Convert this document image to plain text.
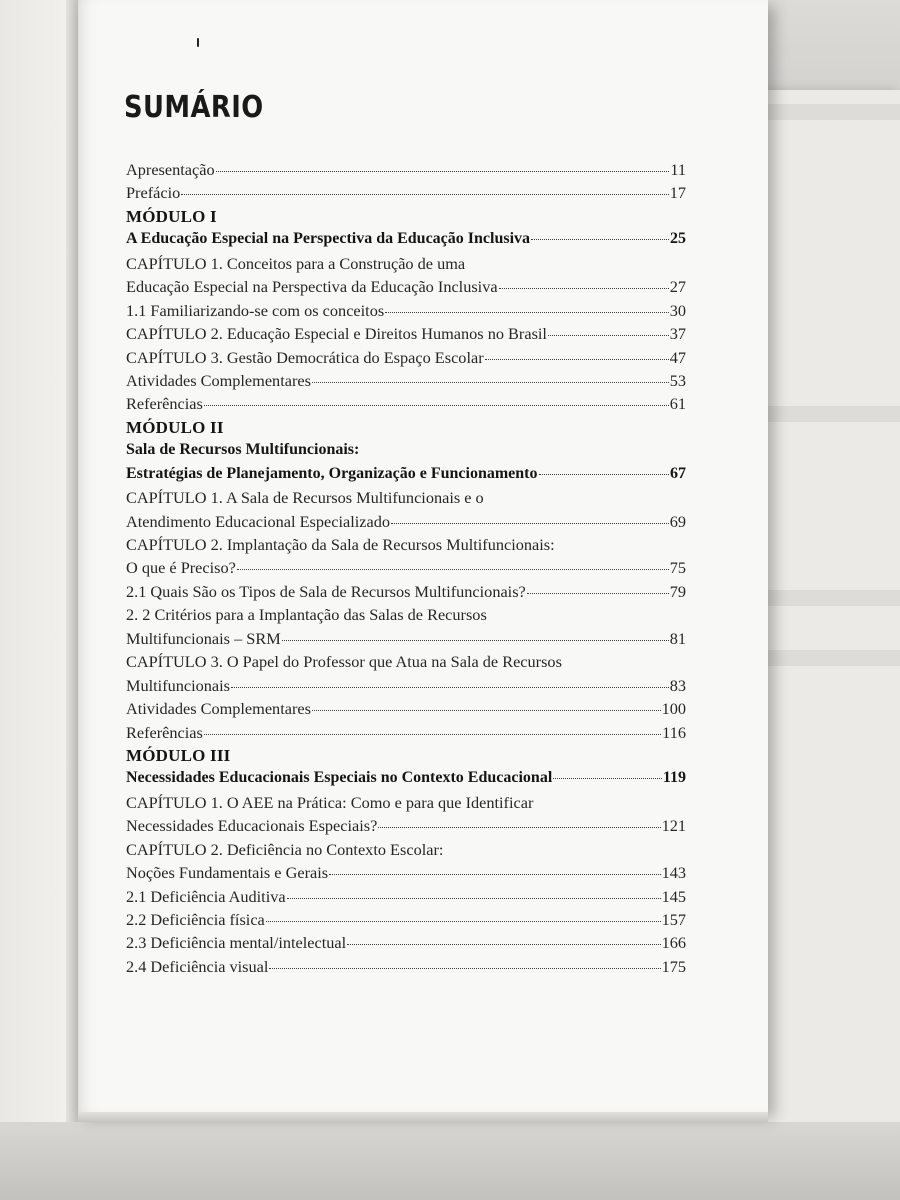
SUMÁRIO
Apresentação	11
Prefácio	17
MÓDULO I
A Educação Especial na Perspectiva da Educação Inclusiva	25
CAPÍTULO 1. Conceitos para a Construção de uma
Educação Especial na Perspectiva da Educação Inclusiva	27
1.1 Familiarizando-se com os conceitos	30
CAPÍTULO 2. Educação Especial e Direitos Humanos no Brasil	37
CAPÍTULO 3. Gestão Democrática do Espaço Escolar	47
Atividades Complementares	53
Referências	61
MÓDULO II
Sala de Recursos Multifuncionais:
Estratégias de Planejamento, Organização e Funcionamento	67
CAPÍTULO 1. A Sala de Recursos Multifuncionais e o
Atendimento Educacional Especializado	69
CAPÍTULO 2. Implantação da Sala de Recursos Multifuncionais:
O que é Preciso?	75
2.1 Quais São os Tipos de Sala de Recursos Multifuncionais?	79
2. 2 Critérios para a Implantação das Salas de Recursos
Multifuncionais – SRM	81
CAPÍTULO 3. O Papel do Professor que Atua na Sala de Recursos
Multifuncionais	83
Atividades Complementares	100
Referências	116
MÓDULO III
Necessidades Educacionais Especiais no Contexto Educacional	119
CAPÍTULO 1. O AEE na Prática: Como e para que Identificar
Necessidades Educacionais Especiais?	121
CAPÍTULO 2. Deficiência no Contexto Escolar:
Noções Fundamentais e Gerais	143
2.1 Deficiência Auditiva	145
2.2 Deficiência física	157
2.3 Deficiência mental/intelectual	166
2.4 Deficiência visual	175
